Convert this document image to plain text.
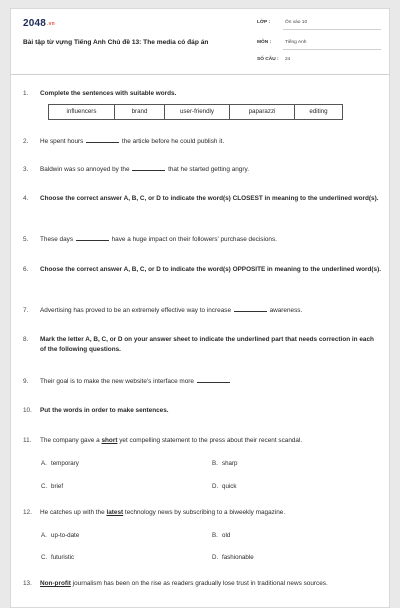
2048.vn
Bài tập từ vựng Tiếng Anh Chủ đề 13: The media có đáp án
LỚP :	Ôn vào 10
MÔN :	Tiếng Anh
SỐ CÂU : 24
1.	Complete the sentences with suitable words.
influencers	brand	user-friendly	paparazzi	editing
2.	He spent hours	the article before he could publish it.
3.	Baldwin was so annoyed by the	that he started getting angry.
4.	Choose the correct answer A, B, C, or D to indicate the word(s) CLOSEST in meaning to the underlined word(s).
5.	These days	have a huge impact on their followers' purchase decisions.
6.	Choose the correct answer A, B, C, or D to indicate the word(s) OPPOSITE in meaning to the underlined word(s).
7.	Advertising has proved to be an extremely effective way to increase	awareness.
8.	Mark the letter A, B, C, or D on your answer sheet to indicate the underlined part that needs correction in each of the following questions.
9.	Their goal is to make the new website's interface more
10.	Put the words in order to make sentences.
11.	The company gave a short yet compelling statement to the press about their recent scandal.
A. temporary	B. sharp
C. brief	D. quick
12.	He catches up with the latest technology news by subscribing to a biweekly magazine.
A. up-to-date	B. old
C. futuristic	D. fashionable
13.	Non-profit journalism has been on the rise as readers gradually lose trust in traditional news sources.
